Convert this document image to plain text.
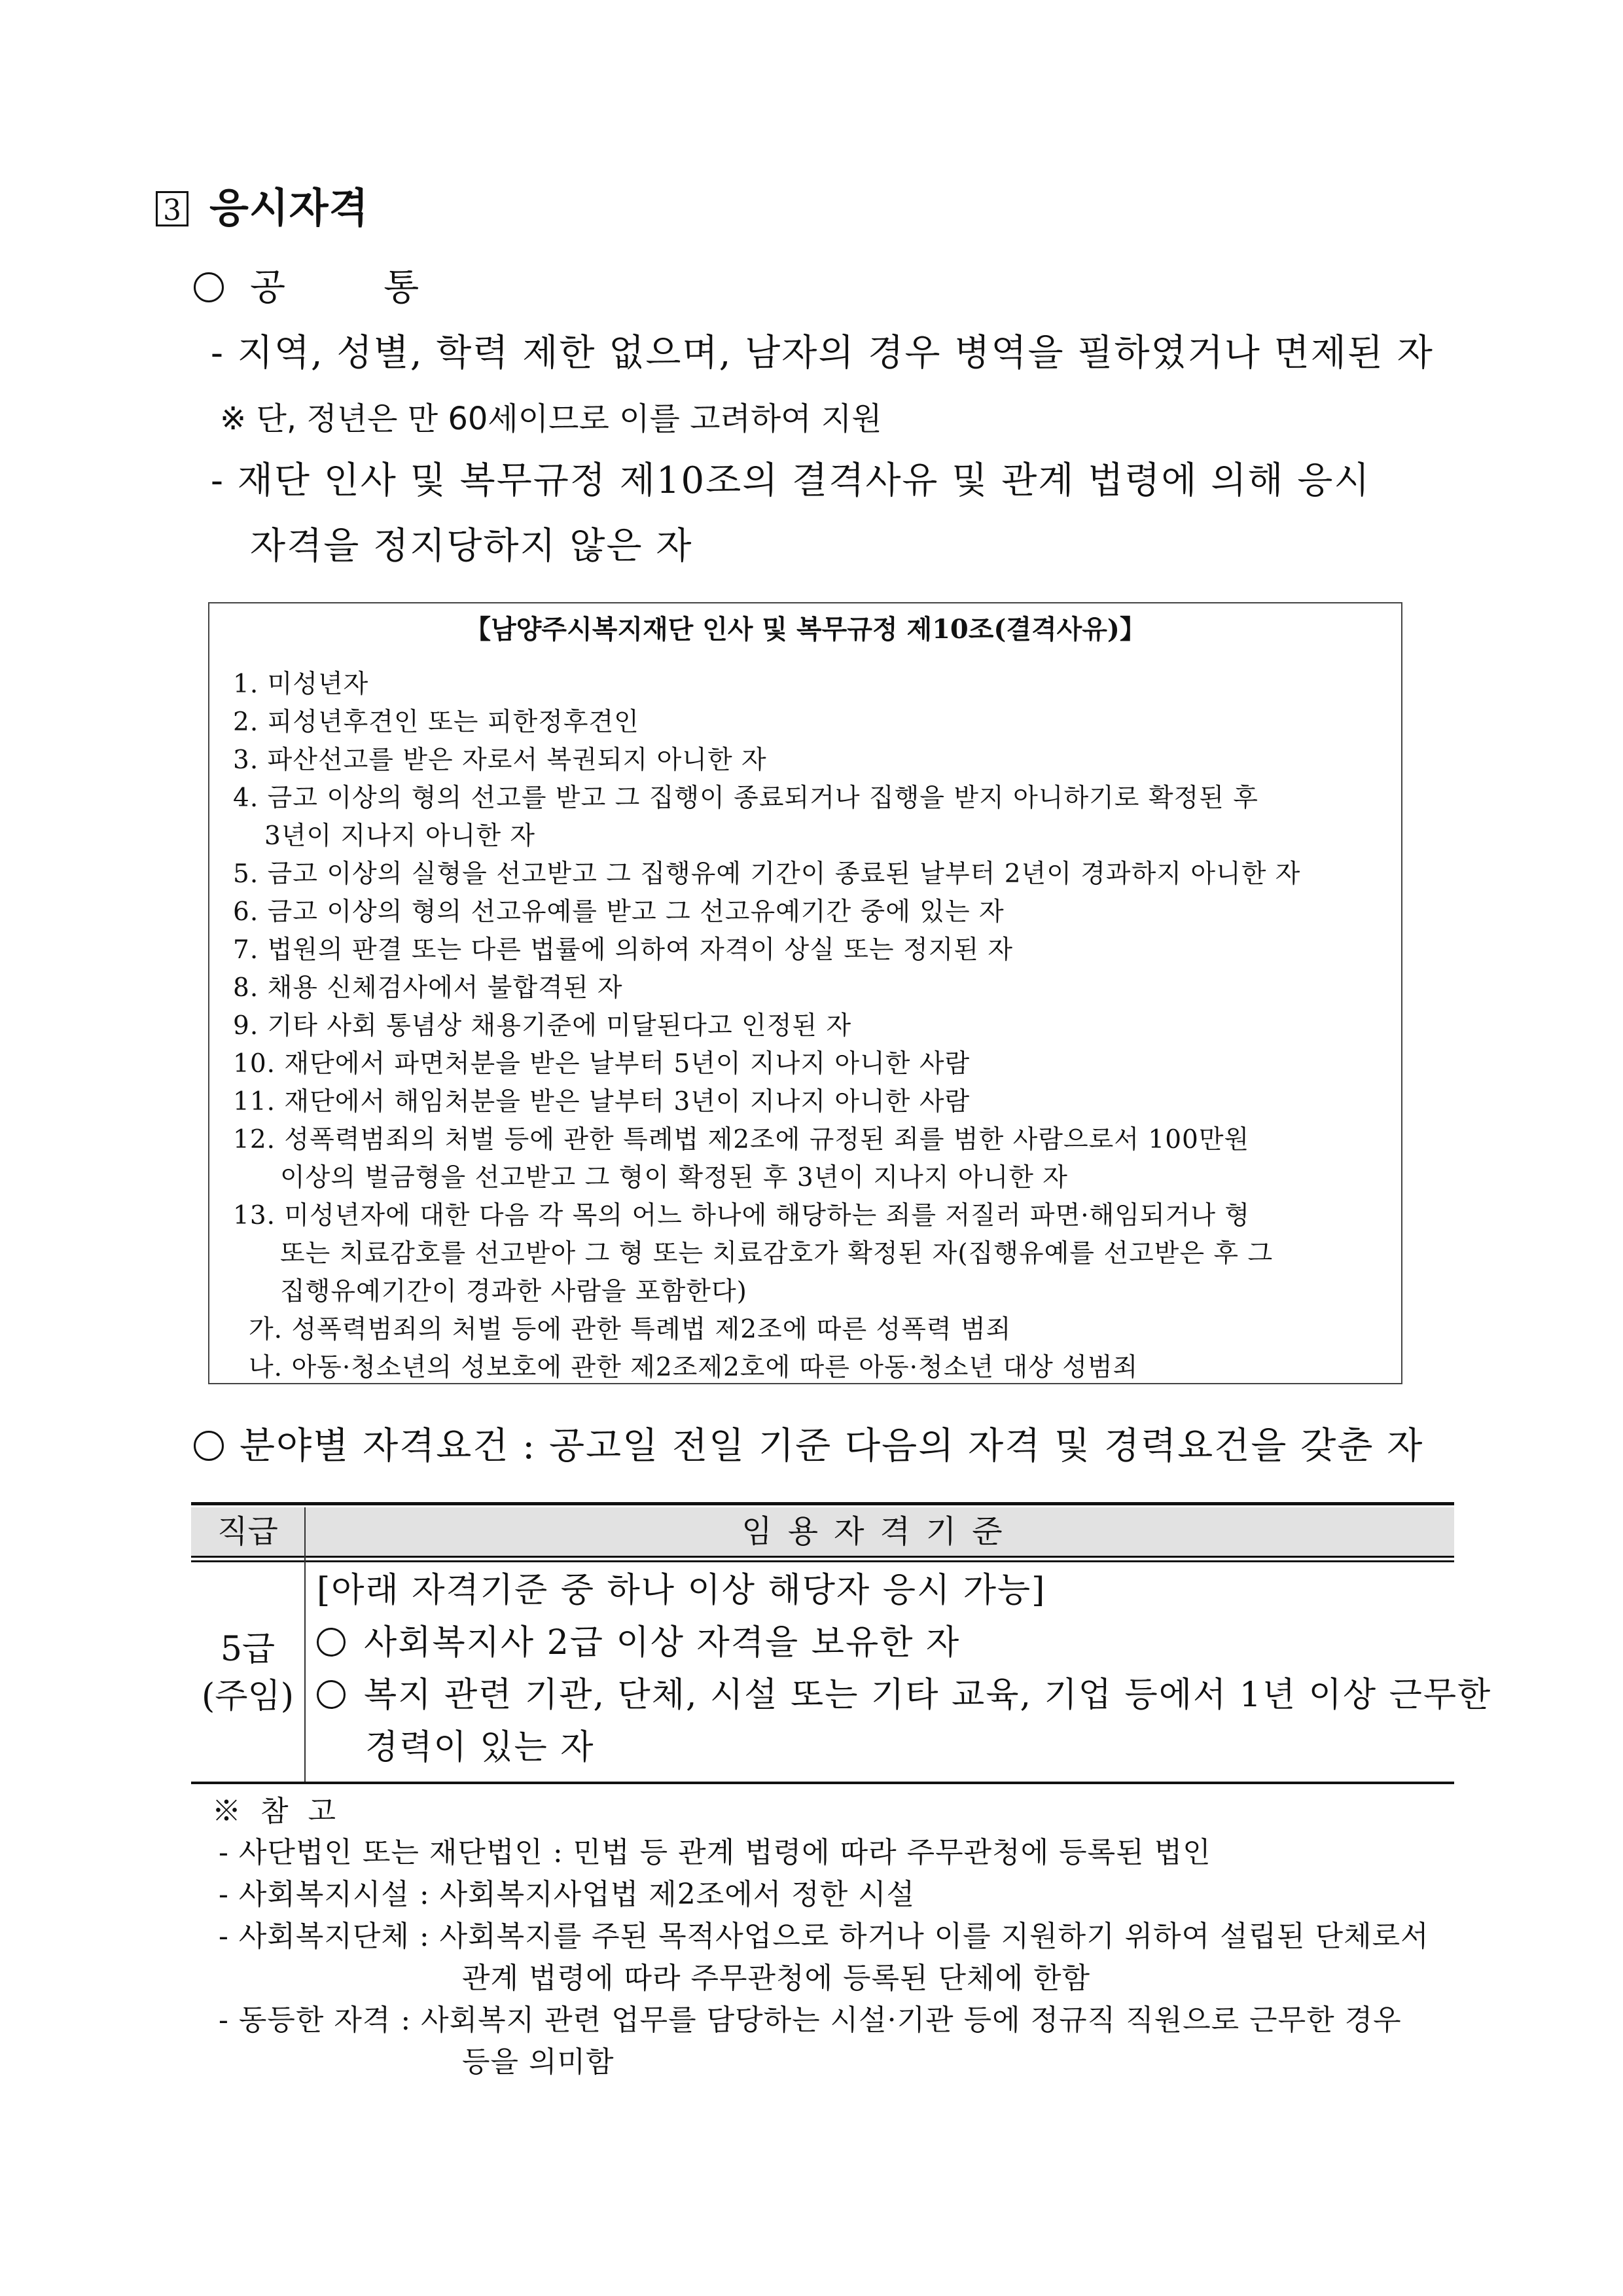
3 응시자격
공	통
- 지역, 성별, 학력 제한 없으며, 남자의 경우 병역을 필하였거나 면제된 자
※ 단, 정년은 만 60세이므로 이를 고려하여 지원
- 재단 인사 및 복무규정 제10조의 결격사유 및 관계 법령에 의해 응시
자격을 정지당하지 않은 자
【남양주시복지재단 인사 및 복무규정 제10조(결격사유)】
1. 미성년자
2. 피성년후견인 또는 피한정후견인
3. 파산선고를 받은 자로서 복권되지 아니한 자
4. 금고 이상의 형의 선고를 받고 그 집행이 종료되거나 집행을 받지 아니하기로 확정된 후
3년이 지나지 아니한 자
5. 금고 이상의 실형을 선고받고 그 집행유예 기간이 종료된 날부터 2년이 경과하지 아니한 자
6. 금고 이상의 형의 선고유예를 받고 그 선고유예기간 중에 있는 자
7. 법원의 판결 또는 다른 법률에 의하여 자격이 상실 또는 정지된 자
8. 채용 신체검사에서 불합격된 자
9. 기타 사회 통념상 채용기준에 미달된다고 인정된 자
10. 재단에서 파면처분을 받은 날부터 5년이 지나지 아니한 사람
11. 재단에서 해임처분을 받은 날부터 3년이 지나지 아니한 사람
12. 성폭력범죄의 처벌 등에 관한 특례법 제2조에 규정된 죄를 범한 사람으로서 100만원
이상의 벌금형을 선고받고 그 형이 확정된 후 3년이 지나지 아니한 자
13. 미성년자에 대한 다음 각 목의 어느 하나에 해당하는 죄를 저질러 파면·해임되거나 형
또는 치료감호를 선고받아 그 형 또는 치료감호가 확정된 자(집행유예를 선고받은 후 그
집행유예기간이 경과한 사람을 포함한다)
가. 성폭력범죄의 처벌 등에 관한 특례법 제2조에 따른 성폭력 범죄
나. 아동·청소년의 성보호에 관한 제2조제2호에 따른 아동·청소년 대상 성범죄
분야별 자격요건 : 공고일 전일 기준 다음의 자격 및 경력요건을 갖춘 자
직급	임용자격기준
5급
(주임)
[아래 자격기준 중 하나 이상 해당자 응시 가능]
사회복지사 2급 이상 자격을 보유한 자
복지 관련 기관, 단체, 시설 또는 기타 교육, 기업 등에서 1년 이상 근무한
경력이 있는 자
※ 참 고
- 사단법인 또는 재단법인 : 민법 등 관계 법령에 따라 주무관청에 등록된 법인
- 사회복지시설 : 사회복지사업법 제2조에서 정한 시설
- 사회복지단체 : 사회복지를 주된 목적사업으로 하거나 이를 지원하기 위하여 설립된 단체로서
관계 법령에 따라 주무관청에 등록된 단체에 한함
- 동등한 자격 : 사회복지 관련 업무를 담당하는 시설·기관 등에 정규직 직원으로 근무한 경우
등을 의미함
